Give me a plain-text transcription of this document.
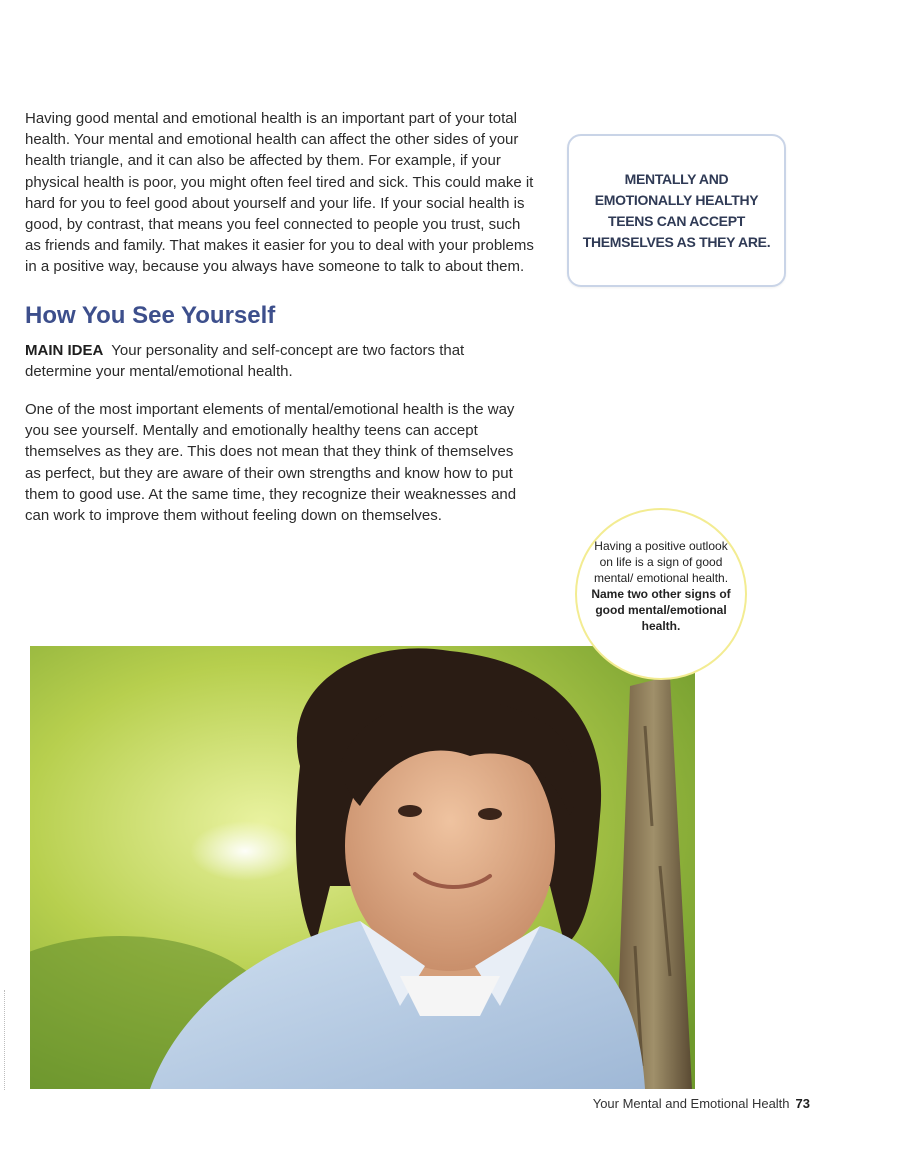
Having good mental and emotional health is an important part of your total health. Your mental and emotional health can affect the other sides of your health triangle, and it can also be affected by them. For example, if your physical health is poor, you might often feel tired and sick. This could make it hard for you to feel good about yourself and your life. If your social health is good, by contrast, that means you feel connected to people you trust, such as friends and family. That makes it easier for you to deal with your problems in a positive way, because you always have someone to talk to about them.

How You See Yourself

MAIN IDEA Your personality and self-concept are two factors that determine your mental/emotional health.

One of the most important elements of mental/emotional health is the way you see yourself. Mentally and emotionally healthy teens can accept themselves as they are. This does not mean that they think of themselves as perfect, but they are aware of their own strengths and know how to put them to good use. At the same time, they recognize their weaknesses and can work to improve them without feeling down on themselves.

MENTALLY AND EMOTIONALLY HEALTHY TEENS CAN ACCEPT THEMSELVES AS THEY ARE.
Having a positive outlook on life is a sign of good mental/ emotional health. Name two other signs of good mental/emotional health.
Your Mental and Emotional Health 73
